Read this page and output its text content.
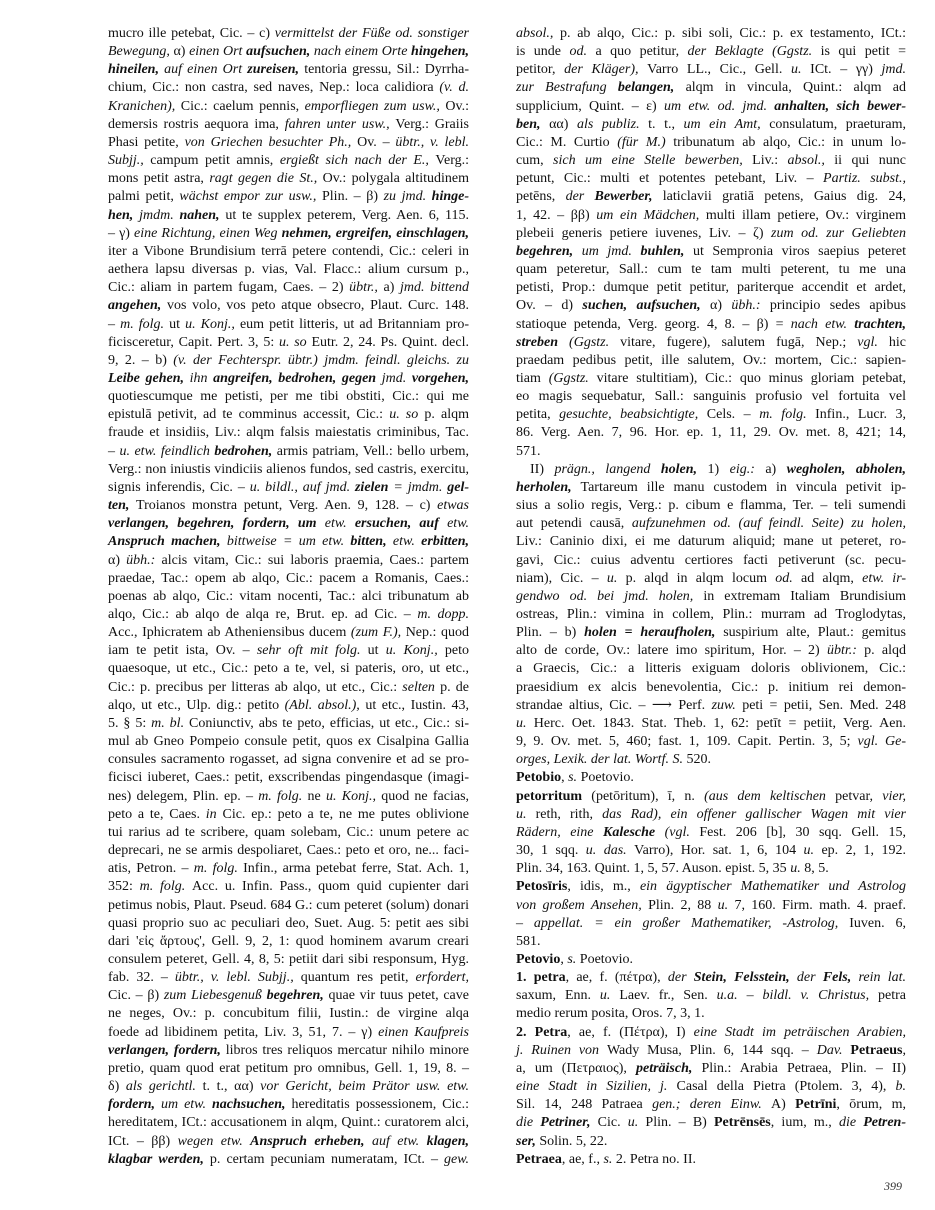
mucro ille petebat, Cic. – c) vermittelst der Füße od. sonstiger
Bewegung, α) einen Ort aufsuchen, nach einem Orte hingehen,
hineilen, auf einen Ort zureisen, tentoria gressu, Sil.: Dyrrha-
chium, Cic.: non castra, sed naves, Nep.: loca calidiora (v. d.
Kranichen), Cic.: caelum pennis, emporfliegen zum usw., Ov.:
demersis rostris aequora ima, fahren unter usw., Verg.: Graiis
Phasi petite, von Griechen besuchter Ph., Ov. – übtr., v. lebl.
Subjj., campum petit amnis, ergießt sich nach der E., Verg.:
mons petit astra, ragt gegen die St., Ov.: polygala altitudinem
palmi petit, wächst empor zur usw., Plin. – β) zu jmd. hinge-
hen, jmdm. nahen, ut te supplex peterem, Verg. Aen. 6, 115.
– γ) eine Richtung, einen Weg nehmen, ergreifen, einschlagen,
iter a Vibone Brundisium terrā petere contendi, Cic.: celeri in
aethera lapsu diversas p. vias, Val. Flacc.: alium cursum p.,
Cic.: aliam in partem fugam, Caes. – 2) übtr., a) jmd. bittend
angehen, vos volo, vos peto atque obsecro, Plaut. Curc. 148.
– m. folg. ut u. Konj., eum petit litteris, ut ad Britanniam pro-
ficisceretur, Capit. Pert. 3, 5: u. so Eutr. 2, 24. Ps. Quint. decl.
9, 2. – b) (v. der Fechterspr. übtr.) jmdm. feindl. gleichs. zu
Leibe gehen, ihn angreifen, bedrohen, gegen jmd. vorgehen,
quotiescumque me petisti, per me tibi obstiti, Cic.: qui me
epistulā petivit, ad te comminus accessit, Cic.: u. so p. alqm
fraude et insidiis, Liv.: alqm falsis maiestatis criminibus, Tac.
– u. etw. feindlich bedrohen, armis patriam, Vell.: bello urbem,
Verg.: non iniustis vindiciis alienos fundos, sed castris, exercitu,
signis inferendis, Cic. – u. bildl., auf jmd. zielen = jmdm. gel-
ten, Troianos monstra petunt, Verg. Aen. 9, 128. – c) etwas
verlangen, begehren, fordern, um etw. ersuchen, auf etw.
Anspruch machen, bittweise = um etw. bitten, etw. erbitten,
α) übh.: alcis vitam, Cic.: sui laboris praemia, Caes.: partem
praedae, Tac.: opem ab alqo, Cic.: pacem a Romanis, Caes.:
poenas ab alqo, Cic.: vitam nocenti, Tac.: alci tribunatum ab
alqo, Cic.: ab alqo de alqa re, Brut. ep. ad Cic. – m. dopp.
Acc., Iphicratem ab Atheniensibus ducem (zum F.), Nep.: quod
iam te petit ista, Ov. – sehr oft mit folg. ut u. Konj., peto
quaesoque, ut etc., Cic.: peto a te, vel, si pateris, oro, ut etc.,
Cic.: p. precibus per litteras ab alqo, ut etc., Cic.: selten p. de
alqo, ut etc., Ulp. dig.: petito (Abl. absol.), ut etc., Iustin. 43,
5. § 5: m. bl. Coniunctiv, abs te peto, efficias, ut etc., Cic.: si-
mul ab Gneo Pompeio consule petit, quos ex Cisalpina Gallia
consules sacramento rogasset, ad signa convenire et ad se pro-
ficisci iuberet, Caes.: petit, exscribendas pingendasque (imagi-
nes) delegem, Plin. ep. – m. folg. ne u. Konj., quod ne facias,
peto a te, Caes. in Cic. ep.: peto a te, ne me putes oblivione
tui rarius ad te scribere, quam solebam, Cic.: unum petere ac
deprecari, ne se armis despoliaret, Caes.: peto et oro, ne... faci-
atis, Petron. – m. folg. Infin., arma petebat ferre, Stat. Ach. 1,
352: m. folg. Acc. u. Infin. Pass., quom quid cupienter dari
petimus nobis, Plaut. Pseud. 684 G.: cum peteret (solum) donari
quasi proprio suo ac peculiari deo, Suet. Aug. 5: petit aes sibi
dari 'εἰς ἄρτους', Gell. 9, 2, 1: quod hominem avarum creari
consulem peteret, Gell. 4, 8, 5: petiit dari sibi responsum, Hyg.
fab. 32. – übtr., v. lebl. Subjj., quantum res petit, erfordert,
Cic. – β) zum Liebesgenuß begehren, quae vir tuus petet, cave
ne neges, Ov.: p. concubitum filii, Iustin.: de virgine alqa
foede ad libidinem petita, Liv. 3, 51, 7. – γ) einen Kaufpreis
verlangen, fordern, libros tres reliquos mercatur nihilo minore
pretio, quam quod erat petitum pro omnibus, Gell. 1, 19, 8. –
δ) als gerichtl. t. t., αα) vor Gericht, beim Prätor usw. etw.
fordern, um etw. nachsuchen, hereditatis possessionem, Cic.:
hereditatem, ICt.: accusationem in alqm, Quint.: curatorem alci,
ICt. – ββ) wegen etw. Anspruch erheben, auf etw. klagen,
klagbar werden, p. certam pecuniam numeratam, ICt. – gew.
absol., p. ab alqo, Cic.: p. sibi soli, Cic.: p. ex testamento, ICt.:
is unde od. a quo petitur, der Beklagte (Ggstz. is qui petit =
petitor, der Kläger), Varro LL., Cic., Gell. u. ICt. – γγ) jmd.
zur Bestrafung belangen, alqm in vincula, Quint.: alqm ad
supplicium, Quint. – ε) um etw. od. jmd. anhalten, sich bewer-
ben, αα) als publiz. t. t., um ein Amt, consulatum, praeturam,
Cic.: M. Curtio (für M.) tribunatum ab alqo, Cic.: in unum lo-
cum, sich um eine Stelle bewerben, Liv.: absol., ii qui nunc
petunt, Cic.: multi et potentes petebant, Liv. – Partiz. subst.,
petēns, der Bewerber, laticlavii gratiā petens, Gaius dig. 24,
1, 42. – ββ) um ein Mädchen, multi illam petiere, Ov.: virginem
plebeii generis petiere iuvenes, Liv. – ζ) zum od. zur Geliebten
begehren, um jmd. buhlen, ut Sempronia viros saepius peteret
quam peteretur, Sall.: cum te tam multi peterent, tu me una
petisti, Prop.: dumque petit petitur, pariterque accendit et ardet,
Ov. – d) suchen, aufsuchen, α) übh.: principio sedes apibus
statioque petenda, Verg. georg. 4, 8. – β) = nach etw. trachten,
streben (Ggstz. vitare, fugere), salutem fugā, Nep.; vgl. hic
praedam pedibus petit, ille salutem, Ov.: mortem, Cic.: sapien-
tiam (Ggstz. vitare stultitiam), Cic.: quo minus gloriam petebat,
eo magis sequebatur, Sall.: sanguinis profusio vel fortuita vel
petita, gesuchte, beabsichtigte, Cels. – m. folg. Infin., Lucr. 3,
86. Verg. Aen. 7, 96. Hor. ep. 1, 11, 29. Ov. met. 8, 421; 14,
571.
II) prägn., langend holen, 1) eig.: a) wegholen, abholen,
herholen, Tartareum ille manu custodem in vincula petivit ip-
sius a solio regis, Verg.: p. cibum e flamma, Ter. – teli sumendi
aut petendi causā, aufzunehmen od. (auf feindl. Seite) zu holen,
Liv.: Caninio dixi, ei me daturum aliquid; mane ut peteret, ro-
gavi, Cic.: cuius adventu certiores facti petiverunt (sc. pecu-
niam), Cic. – u. p. alqd in alqm locum od. ad alqm, etw. ir-
gendwo od. bei jmd. holen, in extremam Italiam Brundisium
ostreas, Plin.: vimina in collem, Plin.: murram ad Troglodytas,
Plin. – b) holen = heraufholen, suspirium alte, Plaut.: gemitus
alto de corde, Ov.: latere imo spiritum, Hor. – 2) übtr.: p. alqd
a Graecis, Cic.: a litteris exiguam doloris oblivionem, Cic.:
praesidium ex alcis benevolentia, Cic.: p. initium rei demon-
strandae altius, Cic. – ⟶ Perf. zuw. peti = petii, Sen. Med. 248
u. Herc. Oet. 1843. Stat. Theb. 1, 62: petīt = petiit, Verg. Aen.
9, 9. Ov. met. 5, 460; fast. 1, 109. Capit. Pertin. 3, 5; vgl. Ge-
orges, Lexik. der lat. Wortf. S. 520.
Petobio, s. Poetovio.
petorritum (petōritum), ī, n. (aus dem keltischen petvar, vier,
u. reth, rith, das Rad), ein offener gallischer Wagen mit vier
Rädern, eine Kalesche (vgl. Fest. 206 [b], 30 sqq. Gell. 15,
30, 1 sqq. u. das. Varro), Hor. sat. 1, 6, 104 u. ep. 2, 1, 192.
Plin. 34, 163. Quint. 1, 5, 57. Auson. epist. 5, 35 u. 8, 5.
Petosīris, idis, m., ein ägyptischer Mathematiker und Astrolog
von großem Ansehen, Plin. 2, 88 u. 7, 160. Firm. math. 4. praef.
– appellat. = ein großer Mathematiker, -Astrolog, Iuven. 6,
581.
Petovio, s. Poetovio.
1. petra, ae, f. (πέτρα), der Stein, Felsstein, der Fels, rein lat.
saxum, Enn. u. Laev. fr., Sen. u.a. – bildl. v. Christus, petra
medio rerum posita, Oros. 7, 3, 1.
2. Petra, ae, f. (Πέτρα), I) eine Stadt im peträischen Arabien,
j. Ruinen von Wady Musa, Plin. 6, 144 sqq. – Dav. Petraeus,
a, um (Πετραιος), peträisch, Plin.: Arabia Petraea, Plin. – II)
eine Stadt in Sizilien, j. Casal della Pietra (Ptolem. 3, 4), b.
Sil. 14, 248 Patraea gen.; deren Einw. A) Petrīni, ōrum, m,
die Petriner, Cic. u. Plin. – B) Petrēnsēs, ium, m., die Petren-
ser, Solin. 5, 22.
Petraea, ae, f., s. 2. Petra no. II.
399
